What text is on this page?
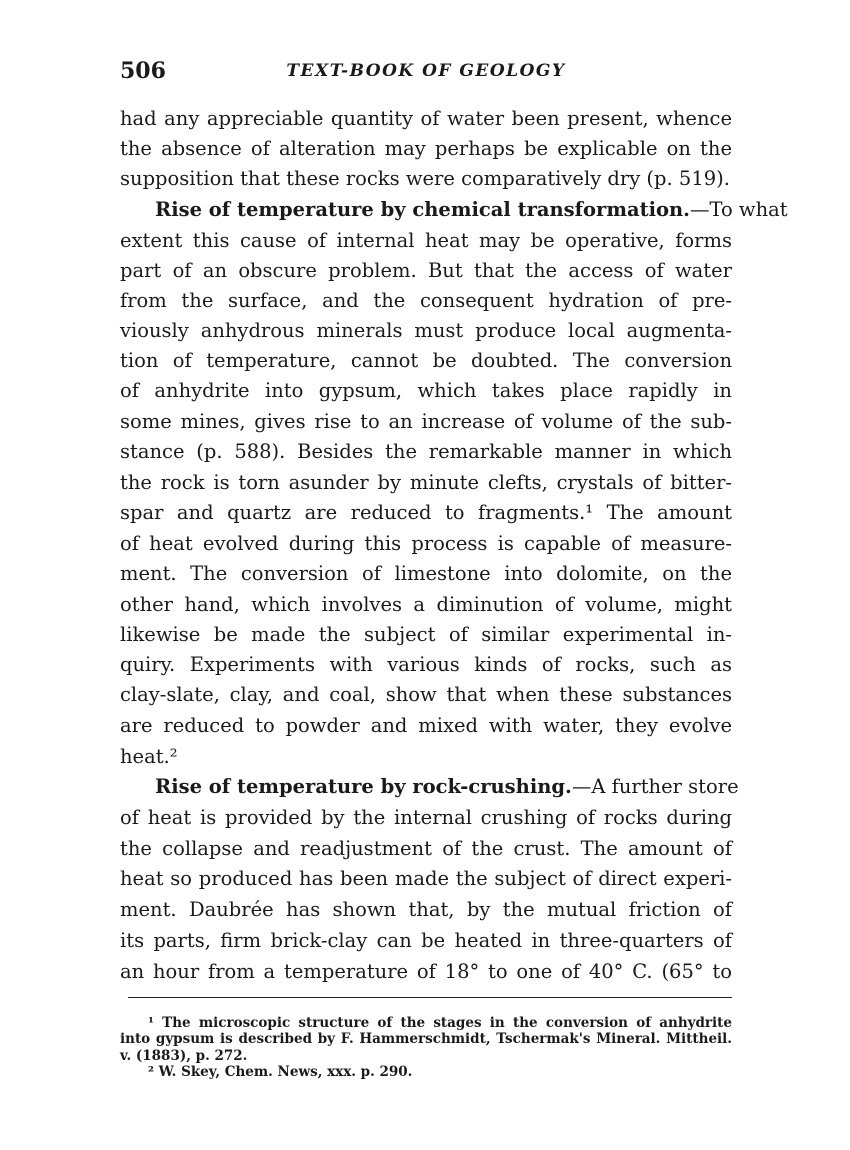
506	TEXT-BOOK OF GEOLOGY
had any appreciable quantity of water been present, whence
the absence of alteration may perhaps be explicable on the
supposition that these rocks were comparatively dry (p. 519).
Rise of temperature by chemical transformation.—To what
extent this cause of internal heat may be operative, forms
part of an obscure problem. But that the access of water
from the surface, and the consequent hydration of pre-
viously anhydrous minerals must produce local augmenta-
tion of temperature, cannot be doubted. The conversion
of anhydrite into gypsum, which takes place rapidly in
some mines, gives rise to an increase of volume of the sub-
stance (p. 588). Besides the remarkable manner in which
the rock is torn asunder by minute clefts, crystals of bitter-
spar and quartz are reduced to fragments.¹ The amount
of heat evolved during this process is capable of measure-
ment. The conversion of limestone into dolomite, on the
other hand, which involves a diminution of volume, might
likewise be made the subject of similar experimental in-
quiry. Experiments with various kinds of rocks, such as
clay-slate, clay, and coal, show that when these substances
are reduced to powder and mixed with water, they evolve
heat.²
Rise of temperature by rock-crushing.—A further store
of heat is provided by the internal crushing of rocks during
the collapse and readjustment of the crust. The amount of
heat so produced has been made the subject of direct experi-
ment. Daubrée has shown that, by the mutual friction of
its parts, firm brick-clay can be heated in three-quarters of
an hour from a temperature of 18° to one of 40° C. (65° to
¹ The microscopic structure of the stages in the conversion of anhydrite
into gypsum is described by F. Hammerschmidt, Tschermak's Mineral. Mittheil.
v. (1883), p. 272.
² W. Skey, Chem. News, xxx. p. 290.
